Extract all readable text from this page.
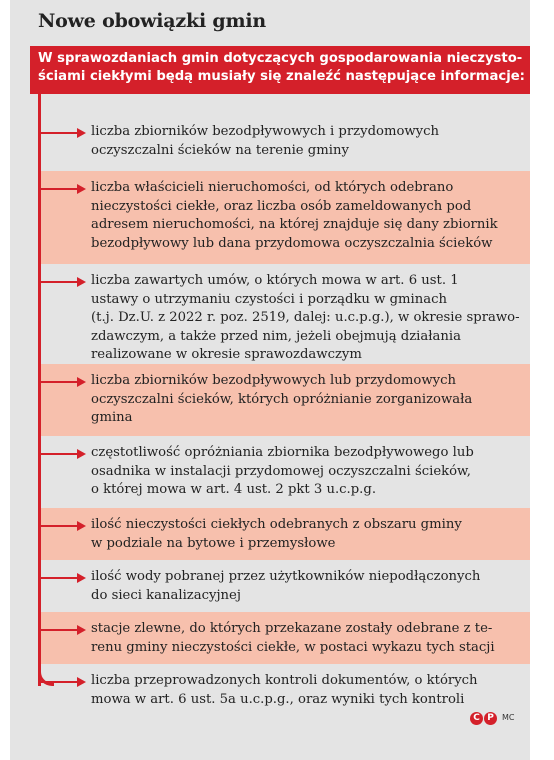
Nowe obowiązki gmin
W sprawozdaniach gmin dotyczących gospodarowania nieczysto-
ściami ciekłymi będą musiały się znaleźć następujące informacje:
liczba zbiorników bezodpływowych i przydomowych
oczyszczalni ścieków na terenie gminy
liczba właścicieli nieruchomości, od których odebrano
nieczystości ciekłe, oraz liczba osób zameldowanych pod
adresem nieruchomości, na której znajduje się dany zbiornik
bezodpływowy lub dana przydomowa oczyszczalnia ścieków
liczba zawartych umów, o których mowa w art. 6 ust. 1
ustawy o utrzymaniu czystości i porządku w gminach
(t.j. Dz.U. z 2022 r. poz. 2519, dalej: u.c.p.g.), w okresie sprawo-
zdawczym, a także przed nim, jeżeli obejmują działania
realizowane w okresie sprawozdawczym
liczba zbiorników bezodpływowych lub przydomowych
oczyszczalni ścieków, których opróżnianie zorganizowała
gmina
częstotliwość opróżniania zbiornika bezodpływowego lub
osadnika w instalacji przydomowej oczyszczalni ścieków,
o której mowa w art. 4 ust. 2 pkt 3 u.c.p.g.
ilość nieczystości ciekłych odebranych z obszaru gminy
w podziale na bytowe i przemysłowe
ilość wody pobranej przez użytkowników niepodłączonych
do sieci kanalizacyjnej
stacje zlewne, do których przekazane zostały odebrane z te-
renu gminy nieczystości ciekłe, w postaci wykazu tych stacji
liczba przeprowadzonych kontroli dokumentów, o których
mowa w art. 6 ust. 5a u.c.p.g., oraz wyniki tych kontroli
C P	MC
